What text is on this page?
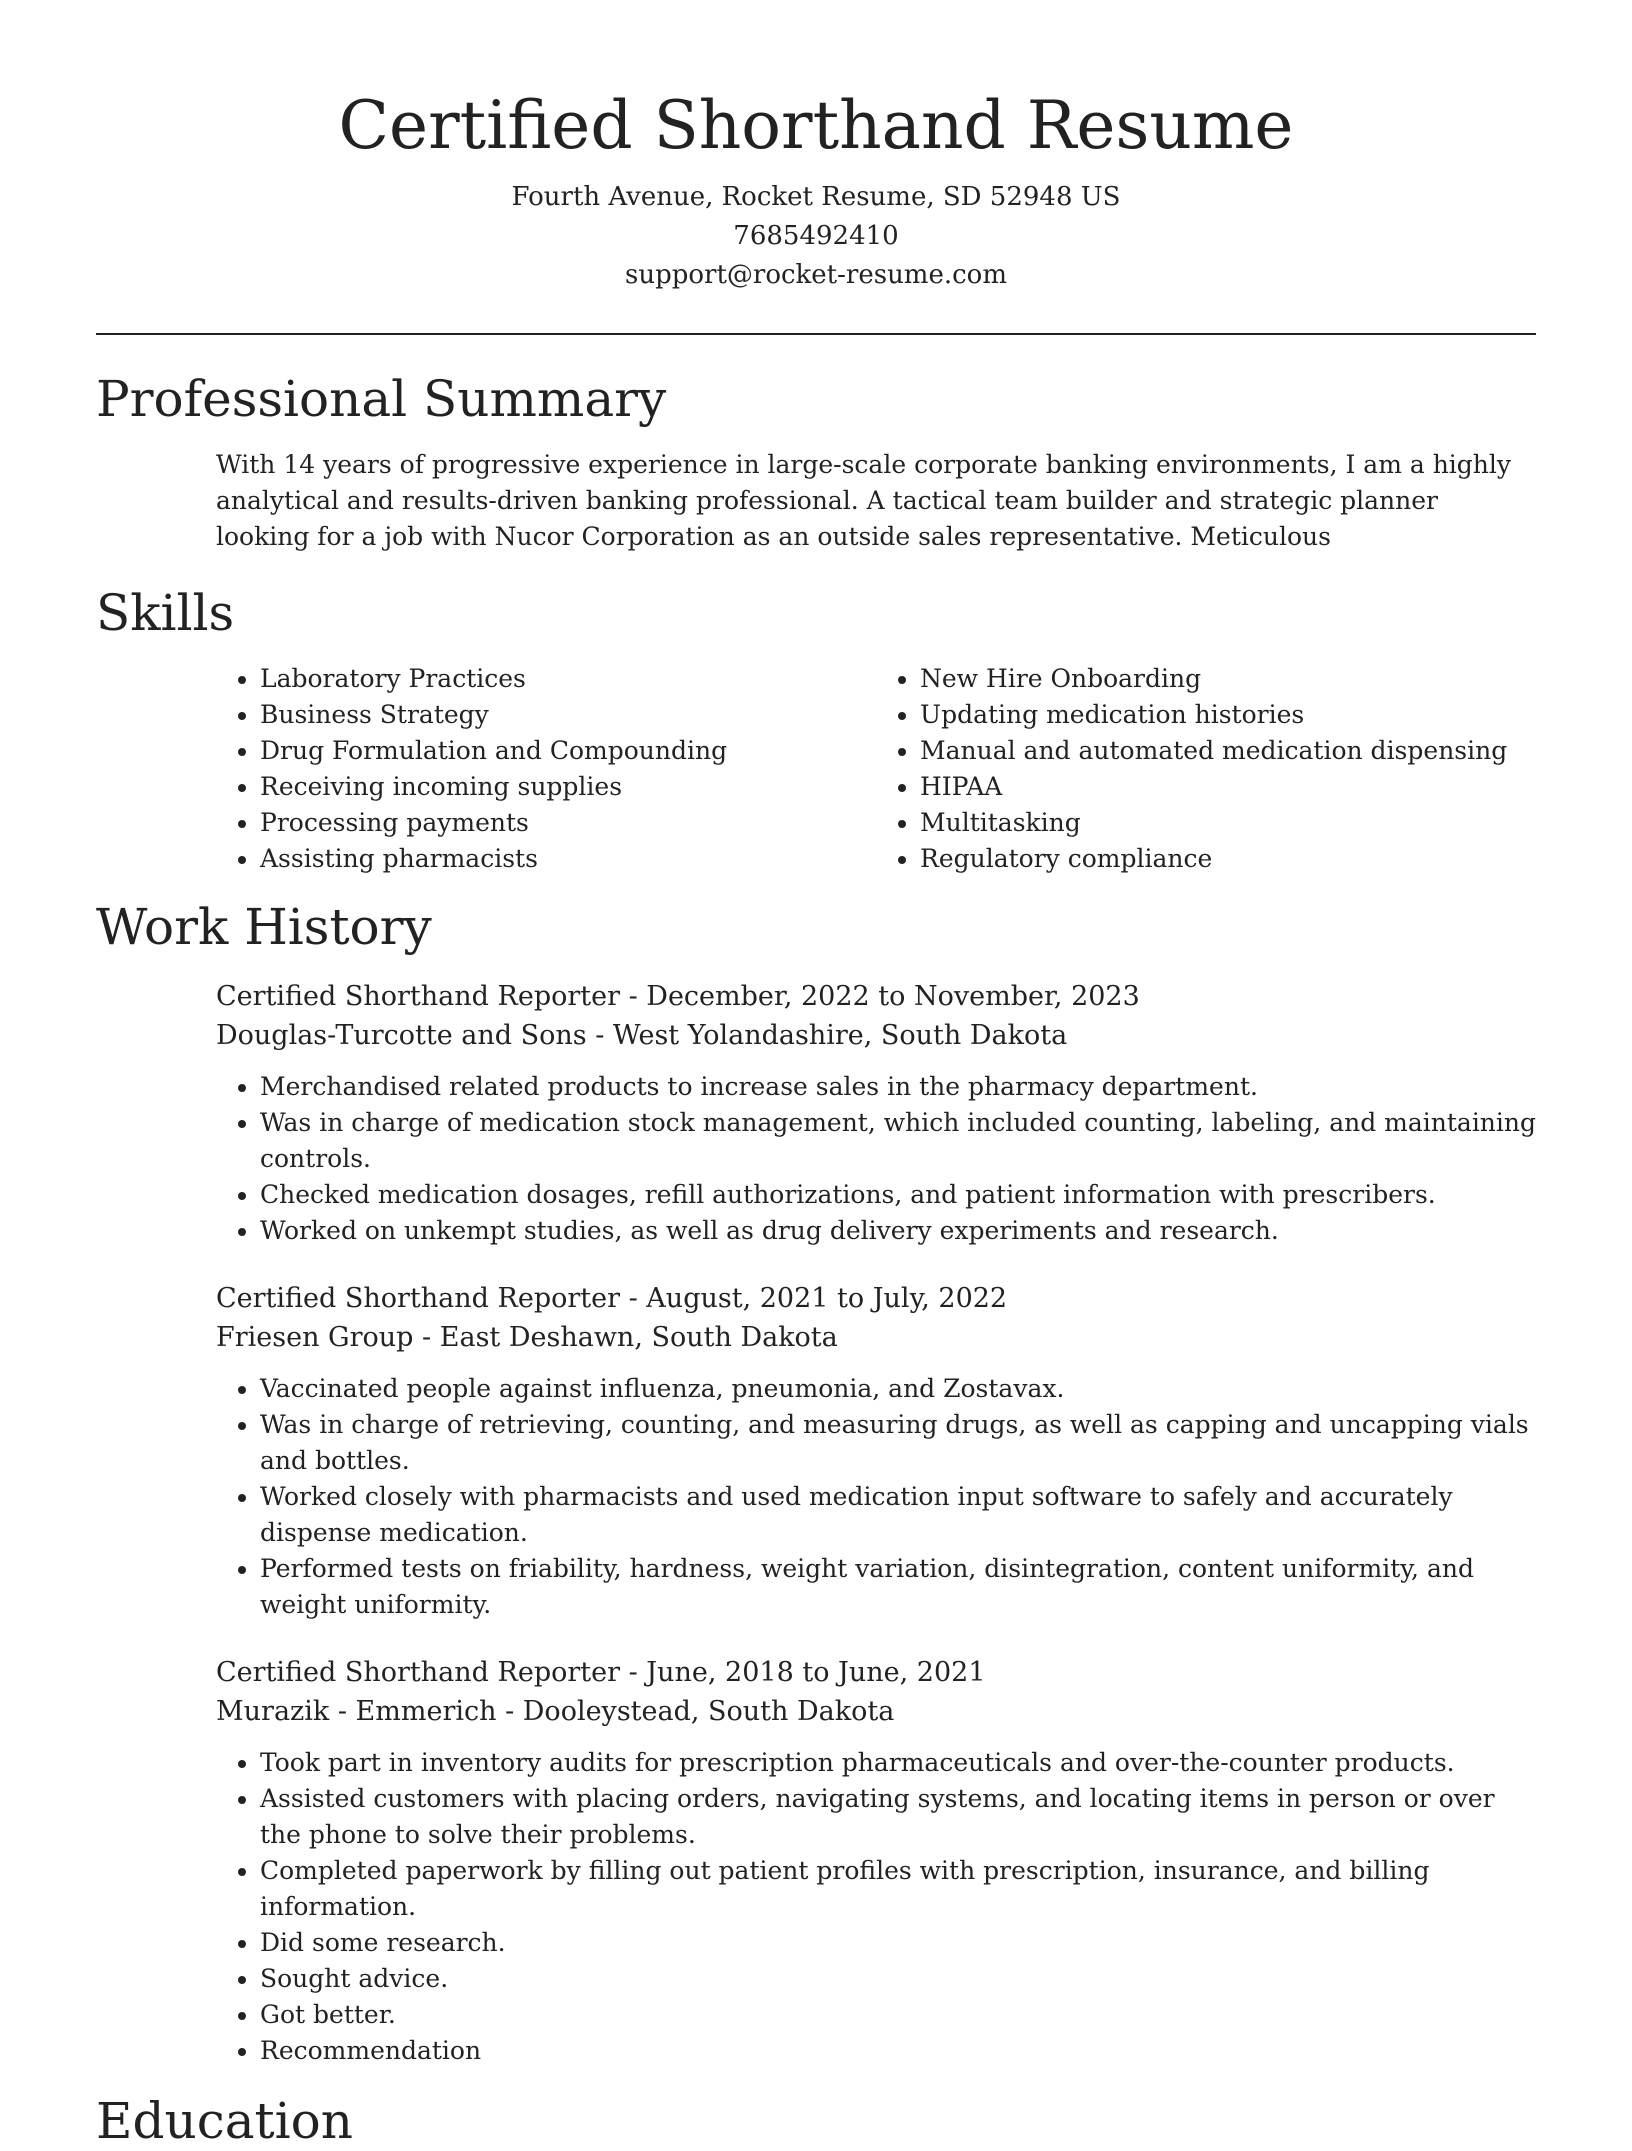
Certified Shorthand Resume

Fourth Avenue, Rocket Resume, SD 52948 US

7685492410

support@rocket-resume.com

Professional Summary

With 14 years of progressive experience in large-scale corporate banking environments, I am a highly analytical and results-driven banking professional. A tactical team builder and strategic planner looking for a job with Nucor Corporation as an outside sales representative. Meticulous

Skills
• Laboratory Practices
• Business Strategy
• Drug Formulation and Compounding
• Receiving incoming supplies
• Processing payments
• Assisting pharmacists
• New Hire Onboarding
• Updating medication histories
• Manual and automated medication dispensing
• HIPAA
• Multitasking
• Regulatory compliance
Work History

Certified Shorthand Reporter - December, 2022 to November, 2023

Douglas-Turcotte and Sons - West Yolandashire, South Dakota

• Merchandised related products to increase sales in the pharmacy department.
• Was in charge of medication stock management, which included counting, labeling, and maintaining controls.
• Checked medication dosages, refill authorizations, and patient information with prescribers.
• Worked on unkempt studies, as well as drug delivery experiments and research.

Certified Shorthand Reporter - August, 2021 to July, 2022

Friesen Group - East Deshawn, South Dakota

• Vaccinated people against influenza, pneumonia, and Zostavax.
• Was in charge of retrieving, counting, and measuring drugs, as well as capping and uncapping vials and bottles.
• Worked closely with pharmacists and used medication input software to safely and accurately dispense medication.
• Performed tests on friability, hardness, weight variation, disintegration, content uniformity, and weight uniformity.

Certified Shorthand Reporter - June, 2018 to June, 2021

Murazik - Emmerich - Dooleystead, South Dakota

• Took part in inventory audits for prescription pharmaceuticals and over-the-counter products.
• Assisted customers with placing orders, navigating systems, and locating items in person or over the phone to solve their problems.
• Completed paperwork by filling out patient profiles with prescription, insurance, and billing information.
• Did some research.
• Sought advice.
• Got better.
• Recommendation
Education
